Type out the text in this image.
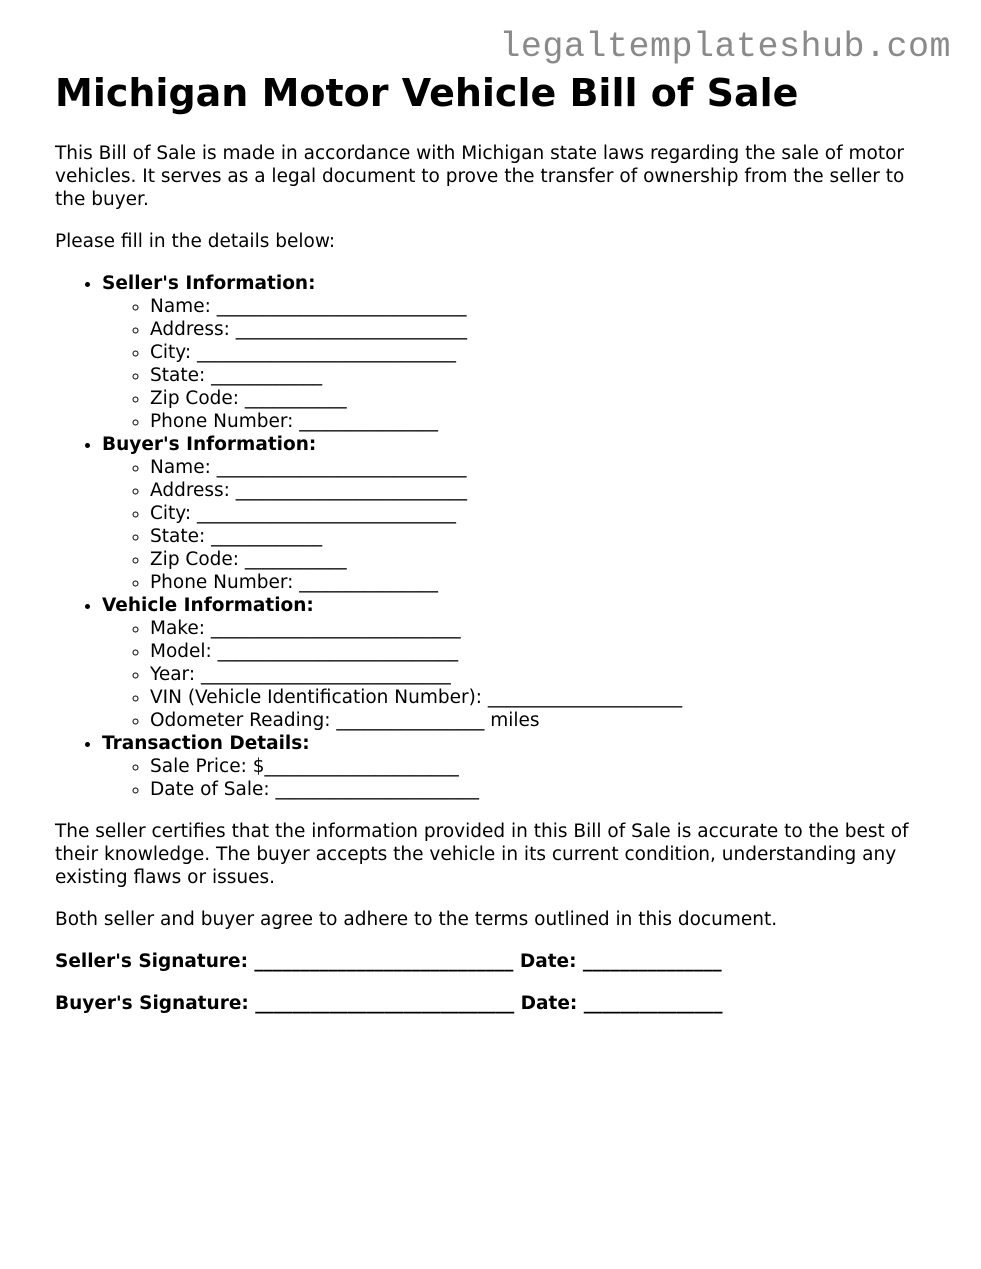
legaltemplateshub.com
Michigan Motor Vehicle Bill of Sale

This Bill of Sale is made in accordance with Michigan state laws regarding the sale of motor vehicles. It serves as a legal document to prove the transfer of ownership from the seller to the buyer.

Please fill in the details below:

• Seller's Information:
◦ Name: ___________________________
◦ Address: _________________________
◦ City: ____________________________
◦ State: ____________
◦ Zip Code: ___________
◦ Phone Number: _______________
• Buyer's Information:
◦ Name: ___________________________
◦ Address: _________________________
◦ City: ____________________________
◦ State: ____________
◦ Zip Code: ___________
◦ Phone Number: _______________
• Vehicle Information:
◦ Make: ___________________________
◦ Model: __________________________
◦ Year: ___________________________
◦ VIN (Vehicle Identification Number): _____________________
◦ Odometer Reading: ________________ miles
• Transaction Details:
◦ Sale Price: $_____________________
◦ Date of Sale: ______________________

The seller certifies that the information provided in this Bill of Sale is accurate to the best of their knowledge. The buyer accepts the vehicle in its current condition, understanding any existing flaws or issues.

Both seller and buyer agree to adhere to the terms outlined in this document.

Seller's Signature: ____________________________ Date: _______________

Buyer's Signature: ____________________________ Date: _______________
